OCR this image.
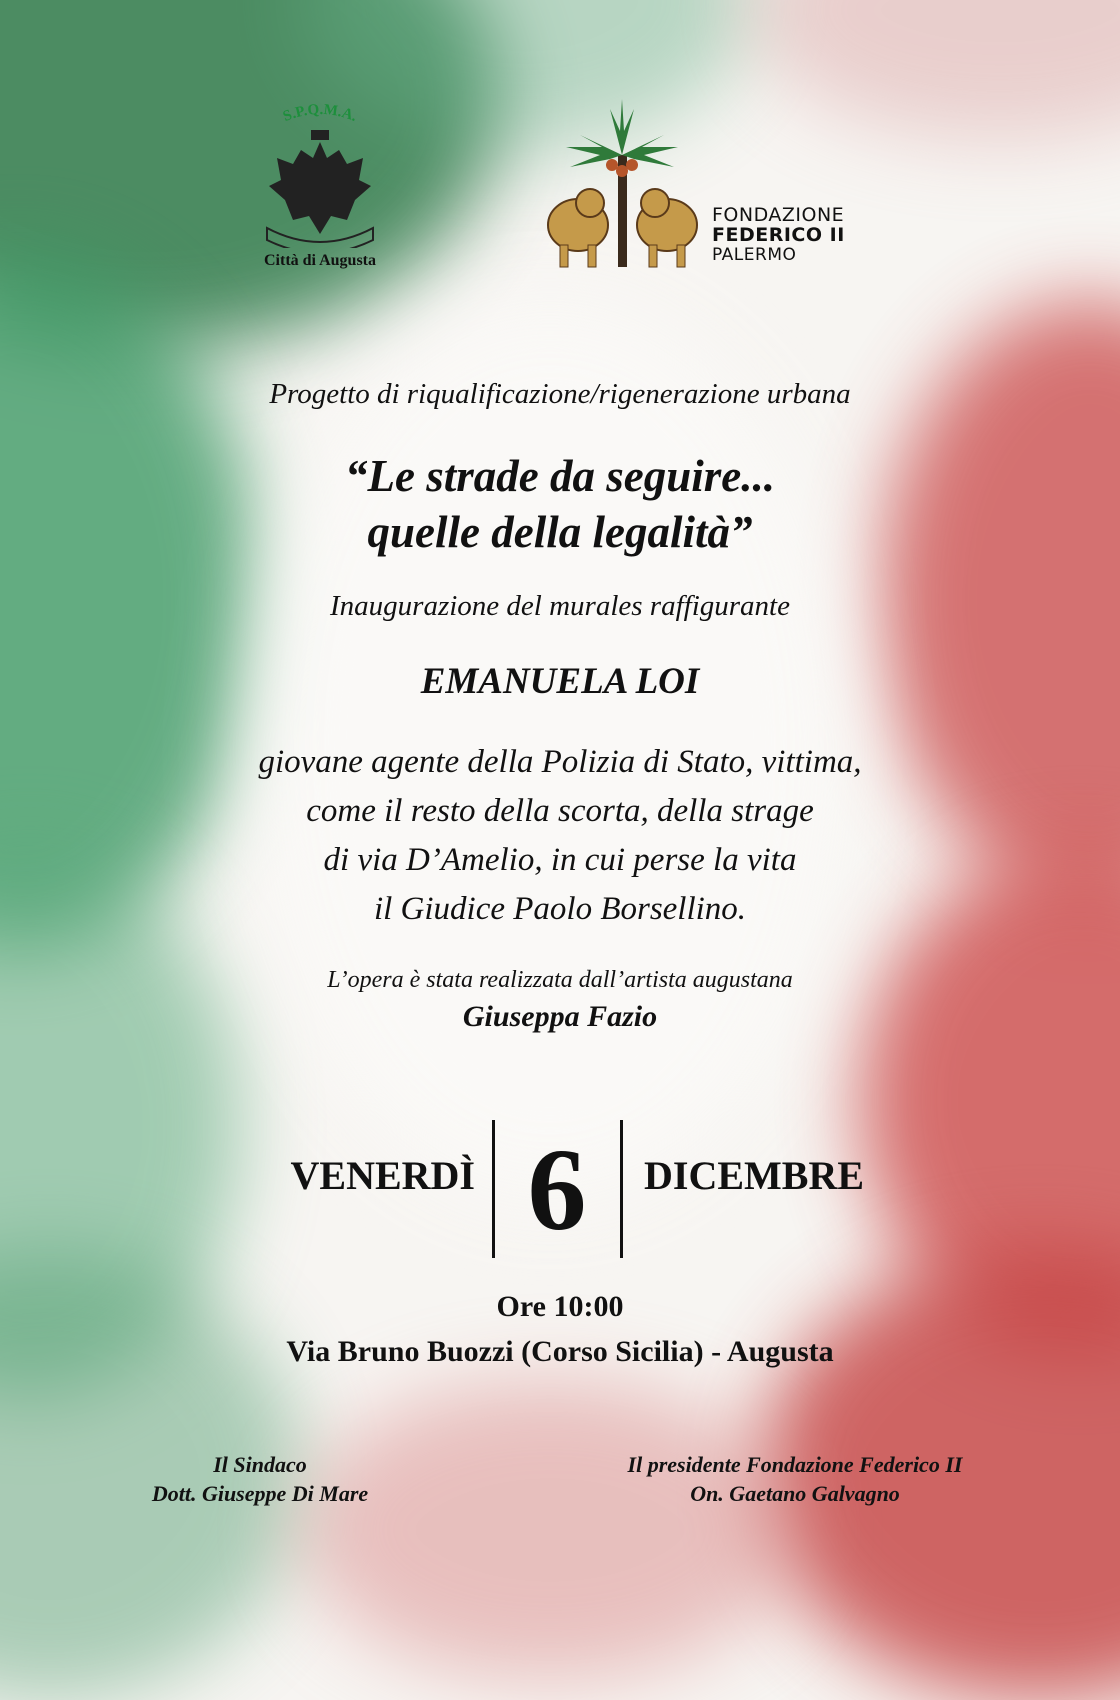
S.P.Q.M.A.
Città di Augusta
FONDAZIONE
FEDERICO II
PALERMO
Progetto di riqualificazione/rigenerazione urbana
“Le strade da seguire...
quelle della legalità”
Inaugurazione del murales raffigurante
EMANUELA LOI
giovane agente della Polizia di Stato, vittima,
come il resto della scorta, della strage
di via D’Amelio, in cui perse la vita
il Giudice Paolo Borsellino.
L’opera è stata realizzata dall’artista augustana
Giuseppa Fazio
VENERDÌ 6	DICEMBRE
Ore 10:00
Via Bruno Buozzi (Corso Sicilia) - Augusta
Il Sindaco
Dott. Giuseppe Di Mare
Il presidente Fondazione Federico II
On. Gaetano Galvagno
